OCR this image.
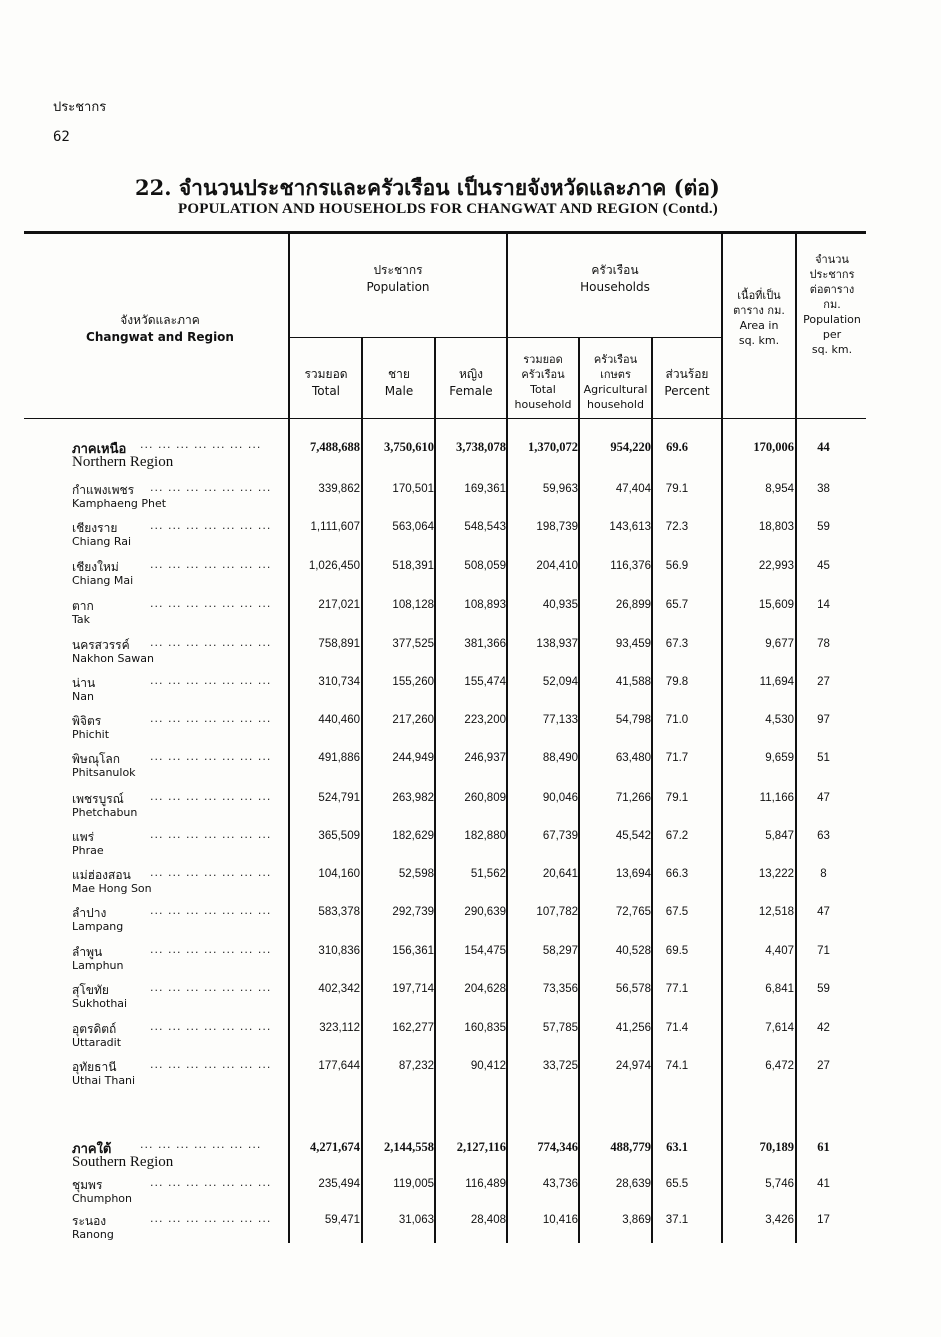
ประชากร
62
22. จำนวนประชากรและครัวเรือน เป็นรายจังหวัดและภาค (ต่อ)
POPULATION AND HOUSEHOLDS FOR CHANGWAT AND REGION (Contd.)
จังหวัดและภาค
Changwat and Region
ประชากร
Population
รวมยอด
Total
ชาย
Male
หญิง
Female
ครัวเรือน
Households
รวมยอด
ครัวเรือน
Total
household
ครัวเรือน
เกษตร
Agricultural
household
ส่วนร้อย
Percent
เนื้อที่เป็น
ตาราง กม.
Area in
sq. km.
จำนวน
ประชากร
ต่อตาราง
กม.
Population
per
sq. km.
ภาคเหนือ ... ... ... ... ... ... ...
Northern Region
7,488,688	3,750,610	3,738,078	1,370,072	954,220	69.6	170,006	44
กำแพงเพชร ... ... ... ... ... ... ...
Kamphaeng Phet
339,862	170,501	169,361	59,963	47,404	79.1	8,954	38
เชียงราย	... ... ... ... ... ... ...
Chiang Rai
1,111,607	563,064	548,543	198,739	143,613	72.3	18,803	59
เชียงใหม่	... ... ... ... ... ... ...
Chiang Mai
1,026,450	518,391	508,059	204,410	116,376	56.9	22,993	45
ตาก	... ... ... ... ... ... ...
Tak
217,021	108,128	108,893	40,935	26,899	65.7	15,609	14
นครสวรรค์ ... ... ... ... ... ... ...
Nakhon Sawan
758,891	377,525	381,366	138,937	93,459	67.3	9,677	78
น่าน	... ... ... ... ... ... ...
Nan
310,734	155,260	155,474	52,094	41,588	79.8	11,694	27
พิจิตร	... ... ... ... ... ... ...
Phichit
440,460	217,260	223,200	77,133	54,798	71.0	4,530	97
พิษณุโลก	... ... ... ... ... ... ...
Phitsanulok
491,886	244,949	246,937	88,490	63,480	71.7	9,659	51
เพชรบูรณ์ ... ... ... ... ... ... ...
Phetchabun
524,791	263,982	260,809	90,046	71,266	79.1	11,166	47
แพร่	... ... ... ... ... ... ...
Phrae
365,509	182,629	182,880	67,739	45,542	67.2	5,847	63
แม่ฮ่องสอน ... ... ... ... ... ... ...
Mae Hong Son
104,160	52,598	51,562	20,641	13,694	66.3	13,222	8
ลำปาง	... ... ... ... ... ... ...
Lampang
583,378	292,739	290,639	107,782	72,765	67.5	12,518	47
ลำพูน	... ... ... ... ... ... ...
Lamphun
310,836	156,361	154,475	58,297	40,528	69.5	4,407	71
สุโขทัย	... ... ... ... ... ... ...
Sukhothai
402,342	197,714	204,628	73,356	56,578	77.1	6,841	59
อุตรดิตถ์	... ... ... ... ... ... ...
Uttaradit
323,112	162,277	160,835	57,785	41,256	71.4	7,614	42
อุทัยธานี	... ... ... ... ... ... ...
Uthai Thani
177,644	87,232	90,412	33,725	24,974	74.1	6,472	27
ภาคใต้	... ... ... ... ... ... ...
Southern Region
4,271,674	2,144,558	2,127,116	774,346	488,779	63.1	70,189	61
ชุมพร	... ... ... ... ... ... ...
Chumphon
235,494	119,005	116,489	43,736	28,639	65.5	5,746	41
ระนอง	... ... ... ... ... ... ...
Ranong
59,471	31,063	28,408	10,416	3,869	37.1	3,426	17
